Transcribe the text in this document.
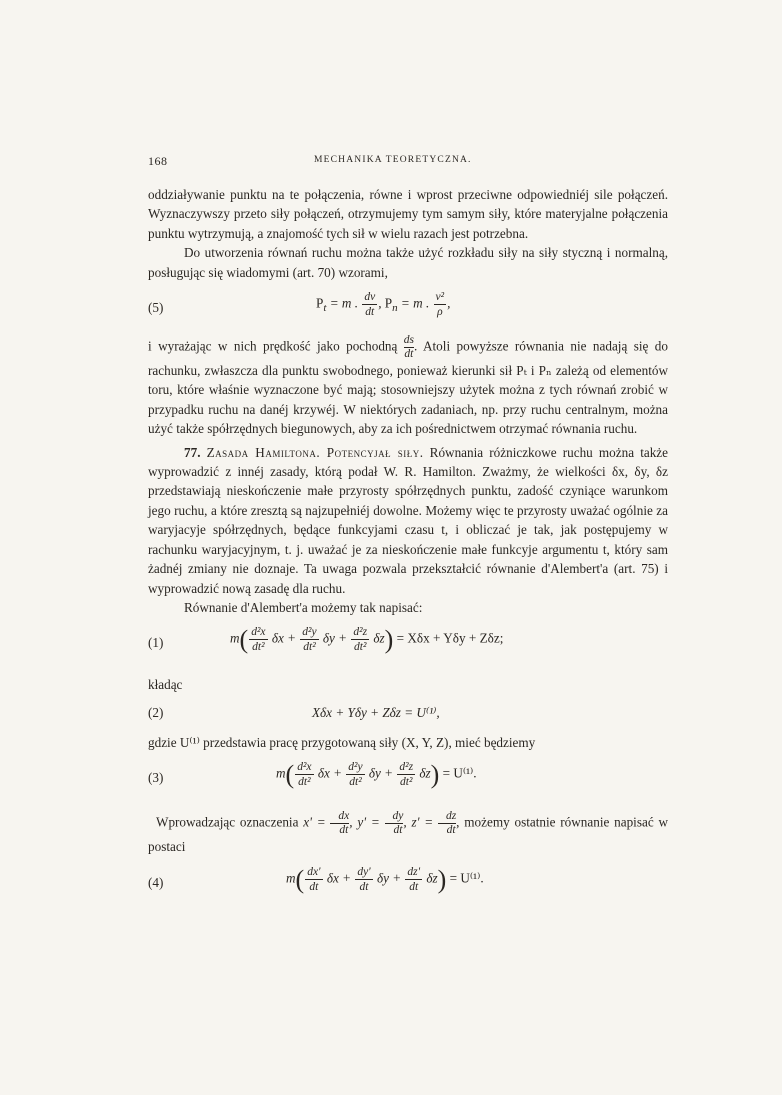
168	MECHANIKA TEORETYCZNA.

oddziaływanie punktu na te połączenia, równe i wprost przeciwne odpowiedniéj sile połączeń. Wyznaczywszy przeto siły połączeń, otrzymujemy tym samym siły, które materyjalne połączenia punktu wytrzymują, a znajomość tych sił w wielu razach jest potrzebna.

Do utworzenia równań ruchu można także użyć rozkładu siły na siły styczną i normalną, posługując się wiadomymi (art. 70) wzorami,

(5)	$P_t = m$ . $\frac{dv}{dt}$ , $P_n = m$ . $\frac{\text{v²}}{\rho}$ ,

i wyrażając w nich prędkość jako pochodną $\frac{ds}{dt}$ . Atoli powyższe równania nie nadają się do rachunku, zwłaszcza dla punktu swobodnego, ponieważ kierunki sił Pₜ i Pₙ zależą od elementów toru, które właśnie wyznaczone być mają; stosowniejszy użytek można z tych równań zrobić w przypadku ruchu na danéj krzywéj. W niektórych zadaniach, np. przy ruchu centralnym, można użyć także spółrzędnych biegunowych, aby za ich pośrednictwem otrzymać równania ruchu.

77. Zasada Hamiltona. Potencyjał siły. Równania różniczkowe ruchu można także wyprowadzić z innéj zasady, którą podał W. R. Hamilton. Zważmy, że wielkości δx, δy, δz przedstawiają nieskończenie małe przyrosty spółrzędnych punktu, zadość czyniące warunkom jego ruchu, a które zresztą są najzupełniéj dowolne. Możemy więc te przyrosty uważać ogólnie za waryjacyje spółrzędnych, będące funkcyjami czasu t, i obliczać je tak, jak postępujemy w rachunku waryjacyjnym, t. j. uważać je za nieskończenie małe funkcyje argumentu t, który sam żadnéj zmiany nie doznaje. Ta uwaga pozwala przekształcić równanie d'Alembert'a (art. 75) i wyprowadzić nową zasadę dla ruchu.

Równanie d'Alembert'a możemy tak napisać:

(1)	$m( \frac{\text{d²x}}{\text{dt²}}$ $\delta x + \frac{\text{d²y}}{\text{dt²}}$ $\delta y + \frac{\text{d²z}}{\text{dt²}} \delta z) = X\delta x + Y\delta y + Z\delta z$;

kładąc

(2)	Xδx + Yδy + Zδz = U⁽¹⁾,

gdzie U⁽¹⁾ przedstawia pracę przygotowaną siły (X, Y, Z), mieć będziemy

(3)	$m( \frac{\text{d²x}}{\text{dt²}}$ $\delta x + \frac{\text{d²y}}{\text{dt²}}$ $\delta y + \frac{\text{d²z}}{\text{dt²}} \delta z) = U^{(1)}$.

Wprowadzając oznaczenia $x' = \frac{dx}{dt}$ , $y' = \frac{dy}{dt}$ , $z' = \frac{dz}{dt}$ , możemy ostatnie równanie napisać w postaci

(4)	$m( \frac{dx'}{dt}$ $\delta x + \frac{dy'}{dt}$ $\delta y + \frac{dz'}{dt} \delta z) = U^{(1)}$.
